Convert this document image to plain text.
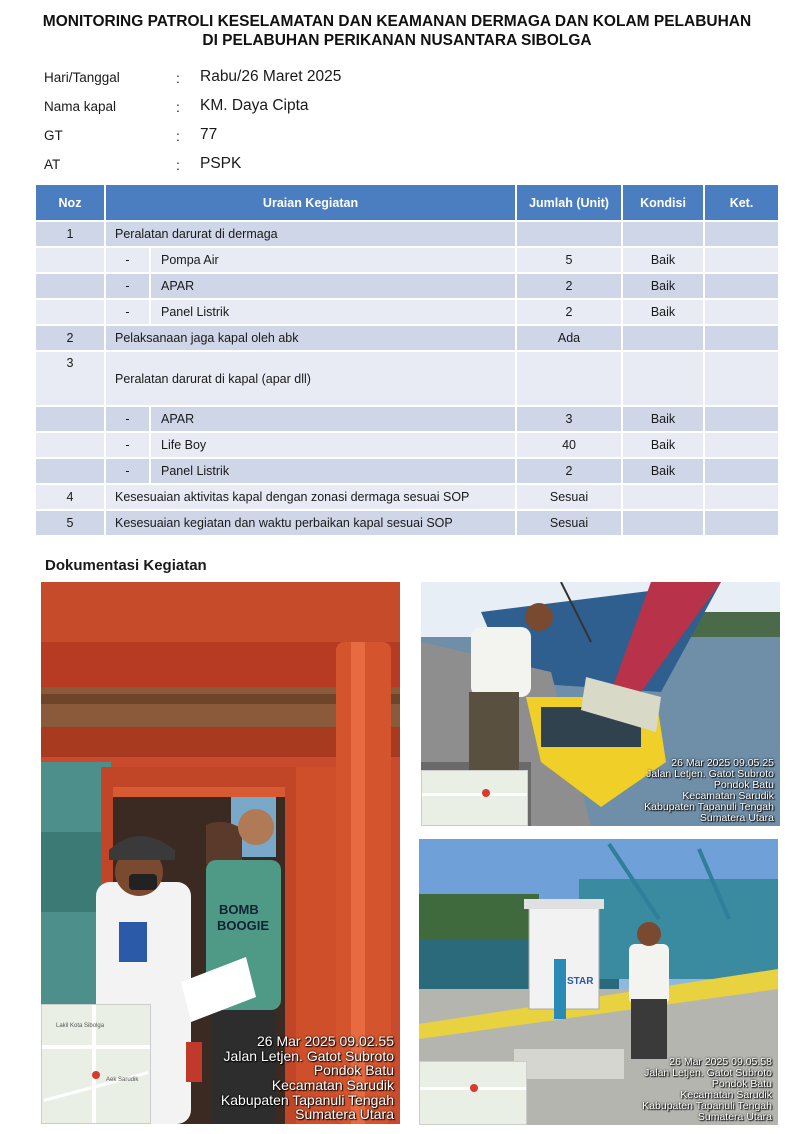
MONITORING PATROLI KESELAMATAN DAN KEAMANAN DERMAGA DAN KOLAM PELABUHAN
DI PELABUHAN PERIKANAN NUSANTARA SIBOLGA
Hari/Tanggal	: Rabu/26 Maret 2025
Nama kapal	: KM. Daya Cipta
GT	: 77
AT	: PSPK
Noz	Uraian Kegiatan		Jumlah (Unit)	Kondisi	Ket.
1	Peralatan darurat di dermaga				
	-	Pompa Air	5	Baik	
	-	APAR	2	Baik	
	-	Panel Listrik	2	Baik	
2	Pelaksanaan jaga kapal oleh abk		Ada		
3	Peralatan darurat di kapal (apar dll)				
	-	APAR	3	Baik	
	-	Life Boy	40	Baik	
	-	Panel Listrik	2	Baik	
4	Kesesuaian aktivitas kapal dengan zonasi dermaga sesuai SOP		Sesuai		
5	Kesesuaian kegiatan dan waktu perbaikan kapal sesuai SOP		Sesuai		
Dokumentasi Kegiatan
BOMB
BOOGIE
Lakil Kota Sibolga
Aek Sarudik
26 Mar 2025 09.02.55
Jalan Letjen. Gatot Subroto
Pondok Batu
Kecamatan Sarudik
Kabupaten Tapanuli Tengah
Sumatera Utara
26 Mar 2025 09.05.25
Jalan Letjen. Gatot Subroto
Pondok Batu
Kecamatan Sarudik
Kabupaten Tapanuli Tengah
Sumatera Utara
STAR
26 Mar 2025 09.05.58
Jalan Letjen. Gatot Subroto
Pondok Batu
Kecamatan Sarudik
Kabupaten Tapanuli Tengah
Sumatera Utara
